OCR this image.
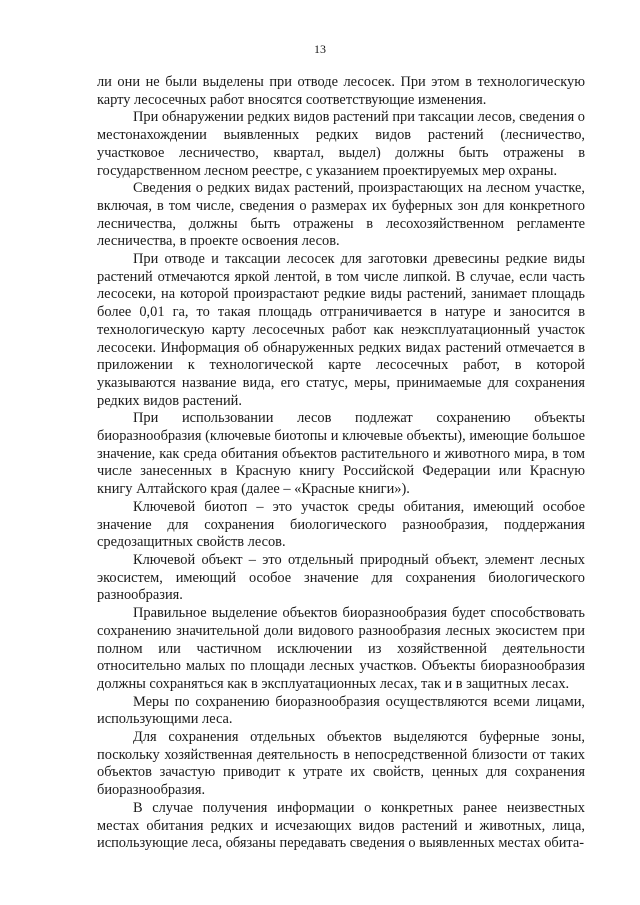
13

ли они не были выделены при отводе лесосек. При этом в технологическую карту лесосечных работ вносятся соответствующие изменения.

При обнаружении редких видов растений при таксации лесов, сведения о местонахождении выявленных редких видов растений (лесничество, участковое лесничество, квартал, выдел) должны быть отражены в государственном лесном реестре, с указанием проектируемых мер охраны.

Сведения о редких видах растений, произрастающих на лесном участке, включая, в том числе, сведения о размерах их буферных зон для конкретного лесничества, должны быть отражены в лесохозяйственном регламенте лесничества, в проекте освоения лесов.

При отводе и таксации лесосек для заготовки древесины редкие виды растений отмечаются яркой лентой, в том числе липкой. В случае, если часть лесосеки, на которой произрастают редкие виды растений, занимает площадь более 0,01 га, то такая площадь отграничивается в натуре и заносится в технологическую карту лесосечных работ как неэксплуатационный участок лесосеки. Информация об обнаруженных редких видах растений отмечается в приложении к технологической карте лесосечных работ, в которой указываются название вида, его статус, меры, принимаемые для сохранения редких видов растений.

При использовании лесов подлежат сохранению объекты биоразнообразия (ключевые биотопы и ключевые объекты), имеющие большое значение, как среда обитания объектов растительного и животного мира, в том числе занесенных в Красную книгу Российской Федерации или Красную книгу Алтайского края (далее – «Красные книги»).

Ключевой биотоп – это участок среды обитания, имеющий особое значение для сохранения биологического разнообразия, поддержания средозащитных свойств лесов.

Ключевой объект – это отдельный природный объект, элемент лесных экосистем, имеющий особое значение для сохранения биологического разнообразия.

Правильное выделение объектов биоразнообразия будет способствовать сохранению значительной доли видового разнообразия лесных экосистем при полном или частичном исключении из хозяйственной деятельности относительно малых по площади лесных участков. Объекты биоразнообразия должны сохраняться как в эксплуатационных лесах, так и в защитных лесах.

Меры по сохранению биоразнообразия осуществляются всеми лицами, использующими леса.

Для сохранения отдельных объектов выделяются буферные зоны, поскольку хозяйственная деятельность в непосредственной близости от таких объектов зачастую приводит к утрате их свойств, ценных для сохранения биоразнообразия.

В случае получения информации о конкретных ранее неизвестных местах обитания редких и исчезающих видов растений и животных, лица, использующие леса, обязаны передавать сведения о выявленных местах обита-
